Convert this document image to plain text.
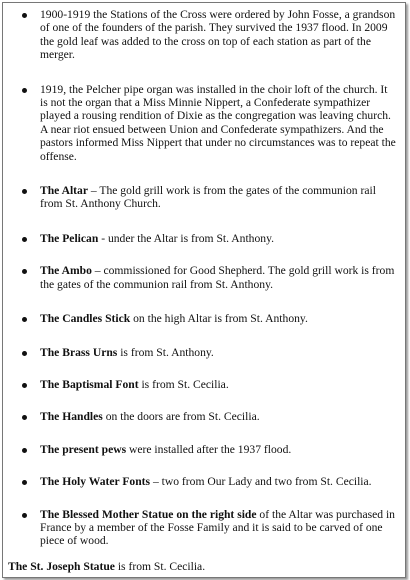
1900-1919 the Stations of the Cross were ordered by John Fosse, a grandson of one of the founders of the parish. They survived the 1937 flood. In 2009 the gold leaf was added to the cross on top of each station as part of the merger.
1919, the Pelcher pipe organ was installed in the choir loft of the church. It is not the organ that a Miss Minnie Nippert, a Confederate sympathizer played a rousing rendition of Dixie as the congregation was leaving church. A near riot ensued between Union and Confederate sympathizers. And the pastors informed Miss Nippert that under no circumstances was to repeat the offense.
The Altar – The gold grill work is from the gates of the communion rail from St. Anthony Church.
The Pelican - under the Altar is from St. Anthony.
The Ambo – commissioned for Good Shepherd. The gold grill work is from the gates of the communion rail from St. Anthony.
The Candles Stick on the high Altar is from St. Anthony.
The Brass Urns is from St. Anthony.
The Baptismal Font is from St. Cecilia.
The Handles on the doors are from St. Cecilia.
The present pews were installed after the 1937 flood.
The Holy Water Fonts – two from Our Lady and two from St. Cecilia.
The Blessed Mother Statue on the right side of the Altar was purchased in France by a member of the Fosse Family and it is said to be carved of one piece of wood.
The St. Joseph Statue is from St. Cecilia.
